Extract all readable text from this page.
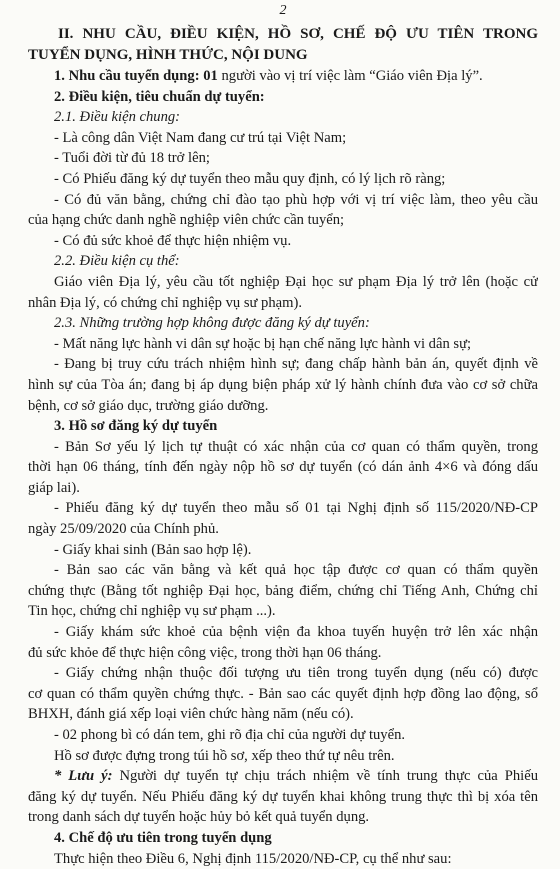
2
II. NHU CẦU, ĐIỀU KIỆN, HỒ SƠ, CHẾ ĐỘ ƯU TIÊN TRONG
TUYỂN DỤNG, HÌNH THỨC, NỘI DUNG
1. Nhu cầu tuyển dụng: 01 người vào vị trí việc làm “Giáo viên Địa lý”.
2. Điều kiện, tiêu chuẩn dự tuyển:
2.1. Điều kiện chung:
- Là công dân Việt Nam đang cư trú tại Việt Nam;
- Tuổi đời từ đủ 18 trở lên;
- Có Phiếu đăng ký dự tuyển theo mẫu quy định, có lý lịch rõ ràng;
- Có đủ văn bằng, chứng chỉ đào tạo phù hợp với vị trí việc làm, theo yêu cầu
của hạng chức danh nghề nghiệp viên chức cần tuyển;
- Có đủ sức khoẻ để thực hiện nhiệm vụ.
2.2. Điều kiện cụ thể:
Giáo viên Địa lý, yêu cầu tốt nghiệp Đại học sư phạm Địa lý trở lên (hoặc cử
nhân Địa lý, có chứng chỉ nghiệp vụ sư phạm).
2.3. Những trường hợp không được đăng ký dự tuyển:
- Mất năng lực hành vi dân sự hoặc bị hạn chế năng lực hành vi dân sự;
- Đang bị truy cứu trách nhiệm hình sự; đang chấp hành bản án, quyết định về
hình sự của Tòa án; đang bị áp dụng biện pháp xử lý hành chính đưa vào cơ sở chữa
bệnh, cơ sở giáo dục, trường giáo dưỡng.
3. Hồ sơ đăng ký dự tuyển
- Bản Sơ yếu lý lịch tự thuật có xác nhận của cơ quan có thẩm quyền, trong
thời hạn 06 tháng, tính đến ngày nộp hồ sơ dự tuyển (có dán ảnh 4×6 và đóng dấu
giáp lai).
- Phiếu đăng ký dự tuyển theo mẫu số 01 tại Nghị định số 115/2020/NĐ-CP
ngày 25/09/2020 của Chính phủ.
- Giấy khai sinh (Bản sao hợp lệ).
- Bản sao các văn bằng và kết quả học tập được cơ quan có thẩm quyền
chứng thực (Bằng tốt nghiệp Đại học, bảng điểm, chứng chỉ Tiếng Anh, Chứng chỉ
Tin học, chứng chỉ nghiệp vụ sư phạm ...).
- Giấy khám sức khoẻ của bệnh viện đa khoa tuyến huyện trở lên xác nhận
đủ sức khỏe để thực hiện công việc, trong thời hạn 06 tháng.
- Giấy chứng nhận thuộc đối tượng ưu tiên trong tuyển dụng (nếu có) được
cơ quan có thẩm quyền chứng thực. - Bản sao các quyết định hợp đồng lao động, sổ
BHXH, đánh giá xếp loại viên chức hàng năm (nếu có).
- 02 phong bì có dán tem, ghi rõ địa chỉ của người dự tuyển.
Hồ sơ được đựng trong túi hồ sơ, xếp theo thứ tự nêu trên.
* Lưu ý: Người dự tuyển tự chịu trách nhiệm về tính trung thực của Phiếu
đăng ký dự tuyển. Nếu Phiếu đăng ký dự tuyển khai không trung thực thì bị xóa tên
trong danh sách dự tuyển hoặc hủy bỏ kết quả tuyển dụng.
4. Chế độ ưu tiên trong tuyển dụng
Thực hiện theo Điều 6, Nghị định 115/2020/NĐ-CP, cụ thể như sau:
